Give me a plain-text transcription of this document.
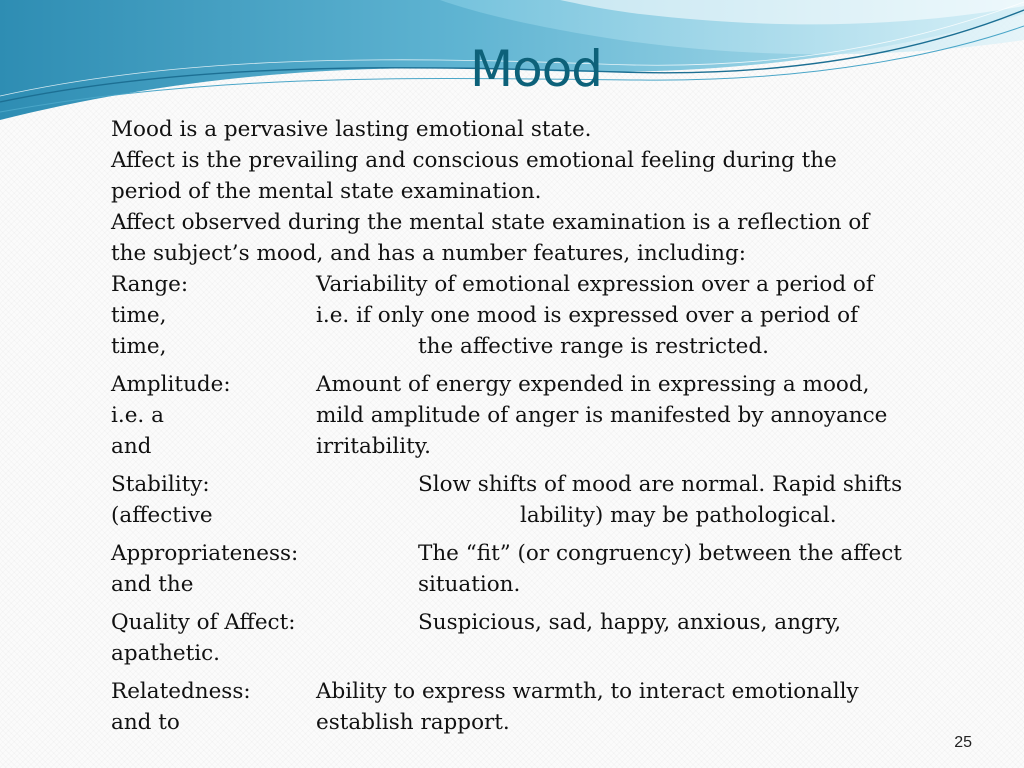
Mood
Mood is a pervasive lasting emotional state.
Affect is the prevailing and conscious emotional feeling during the
period of the mental state examination.
Affect observed during the mental state examination is a reflection of
the subject’s mood, and has a number features, including:
Range:	Variability of emotional expression over a period of
time,	i.e. if only one mood is expressed over a period of
time,	the affective range is restricted.
Amplitude:	Amount of energy expended in expressing a mood,
i.e. a	mild amplitude of anger is manifested by annoyance
and	irritability.
Stability:	Slow shifts of mood are normal. Rapid shifts
(affective	lability) may be pathological.
Appropriateness:	The “fit” (or congruency) between the affect
and the	situation.
Quality of Affect:	Suspicious, sad, happy, anxious, angry,
apathetic.
Relatedness:	Ability to express warmth, to interact emotionally
and to	establish rapport.
25
